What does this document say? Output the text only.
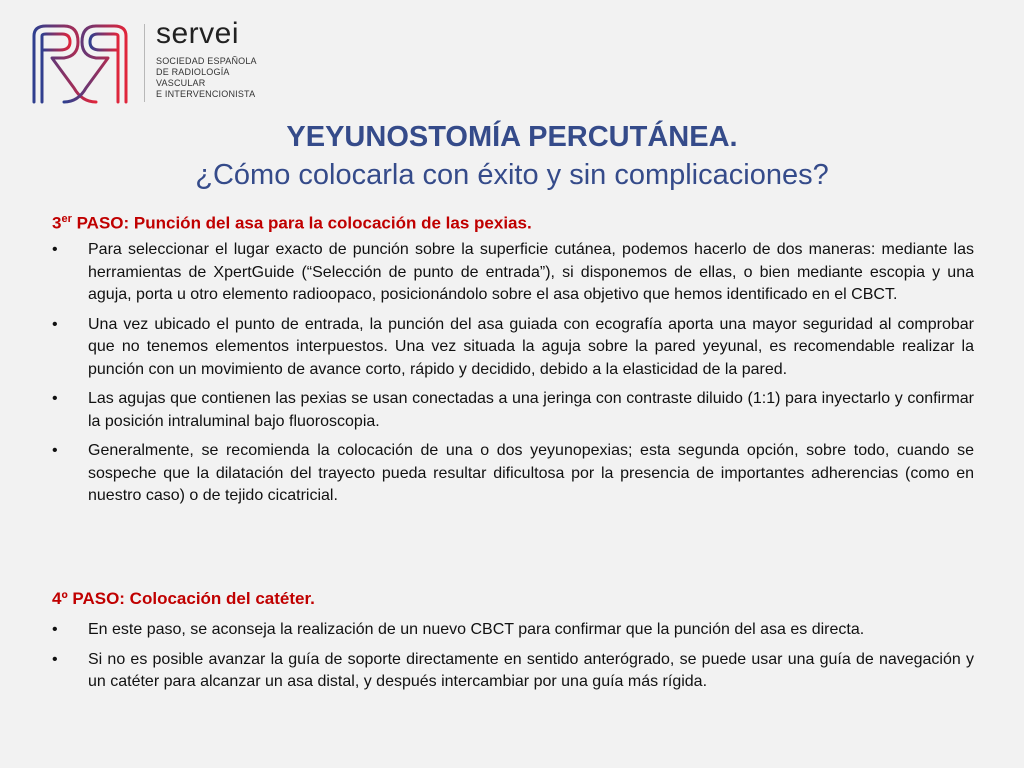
servei
SOCIEDAD ESPAÑOLA
DE RADIOLOGÍA
VASCULAR
E INTERVENCIONISTA
YEYUNOSTOMÍA PERCUTÁNEA.
¿Cómo colocarla con éxito y sin complicaciones?
3er PASO: Punción del asa para la colocación de las pexias.
• Para seleccionar el lugar exacto de punción sobre la superficie cutánea, podemos hacerlo de dos maneras: mediante las herramientas de XpertGuide (“Selección de punto de entrada”), si disponemos de ellas, o bien mediante escopia y una aguja, porta u otro elemento radioopaco, posicionándolo sobre el asa objetivo que hemos identificado en el CBCT.
• Una vez ubicado el punto de entrada, la punción del asa guiada con ecografía aporta una mayor seguridad al comprobar que no tenemos elementos interpuestos. Una vez situada la aguja sobre la pared yeyunal, es recomendable realizar la punción con un movimiento de avance corto, rápido y decidido, debido a la elasticidad de la pared.
• Las agujas que contienen las pexias se usan conectadas a una jeringa con contraste diluido (1:1) para inyectarlo y confirmar la posición intraluminal bajo fluoroscopia.
• Generalmente, se recomienda la colocación de una o dos yeyunopexias; esta segunda opción, sobre todo, cuando se sospeche que la dilatación del trayecto pueda resultar dificultosa por la presencia de importantes adherencias (como en nuestro caso) o de tejido cicatricial.
4º PASO: Colocación del catéter.
• En este paso, se aconseja la realización de un nuevo CBCT para confirmar que la punción del asa es directa.
• Si no es posible avanzar la guía de soporte directamente en sentido anterógrado, se puede usar una guía de navegación y un catéter para alcanzar un asa distal, y después intercambiar por una guía más rígida.
